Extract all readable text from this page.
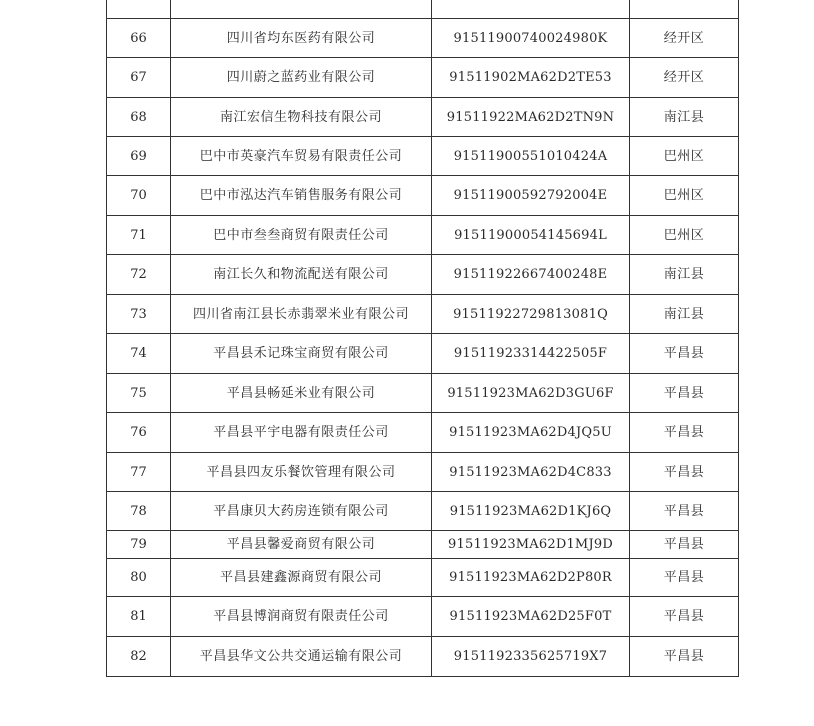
66	四川省均东医药有限公司	91511900740024980K	经开区
67	四川蔚之蓝药业有限公司	91511902MA62D2TE53	经开区
68	南江宏信生物科技有限公司	91511922MA62D2TN9N	南江县
69	巴中市英豪汽车贸易有限责任公司	91511900551010424A	巴州区
70	巴中市泓达汽车销售服务有限公司	91511900592792004E	巴州区
71	巴中市叁叁商贸有限责任公司	91511900054145694L	巴州区
72	南江长久和物流配送有限公司	91511922667400248E	南江县
73	四川省南江县长赤翡翠米业有限公司	91511922729813081Q	南江县
74	平昌县禾记珠宝商贸有限公司	91511923314422505F	平昌县
75	平昌县畅延米业有限公司	91511923MA62D3GU6F	平昌县
76	平昌县平宇电器有限责任公司	91511923MA62D4JQ5U	平昌县
77	平昌县四友乐餐饮管理有限公司	91511923MA62D4C833	平昌县
78	平昌康贝大药房连锁有限公司	91511923MA62D1KJ6Q	平昌县
79	平昌县馨爱商贸有限公司	91511923MA62D1MJ9D	平昌县
80	平昌县建鑫源商贸有限公司	91511923MA62D2P80R	平昌县
81	平昌县博润商贸有限责任公司	91511923MA62D25F0T	平昌县
82	平昌县华文公共交通运输有限公司	9151192335625719X7	平昌县
